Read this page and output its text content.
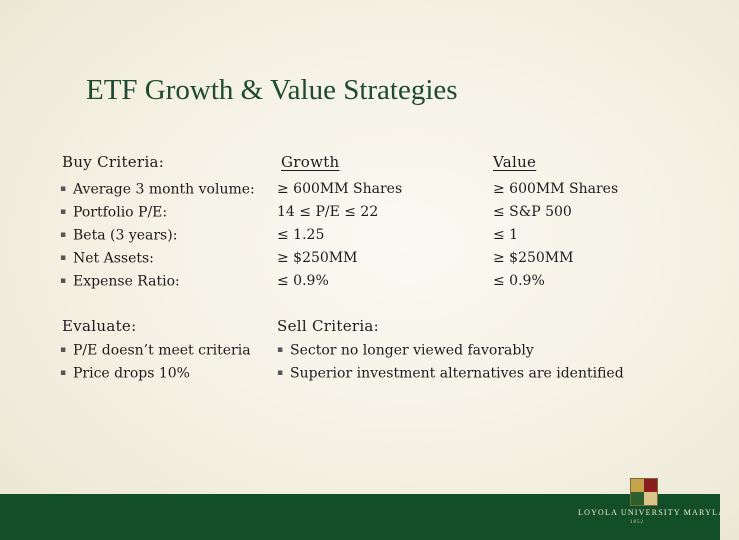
ETF Growth & Value Strategies
Buy Criteria:	Growth	Value
▪ Average 3 month volume:
▪ Portfolio P/E:
▪ Beta (3 years):
▪ Net Assets:
▪ Expense Ratio:
≥ 600MM Shares
14 ≤ P/E ≤ 22
≤ 1.25
≥ $250MM
≤ 0.9%
≥ 600MM Shares
≤ S&P 500
≤ 1
≥ $250MM
≤ 0.9%
Evaluate:
▪ P/E doesn’t meet criteria
▪ Price drops 10%
Sell Criteria:
▪ Sector no longer viewed favorably
▪ Superior investment alternatives are identified
LOYOLA UNIVERSITY MARYLAND
1852
